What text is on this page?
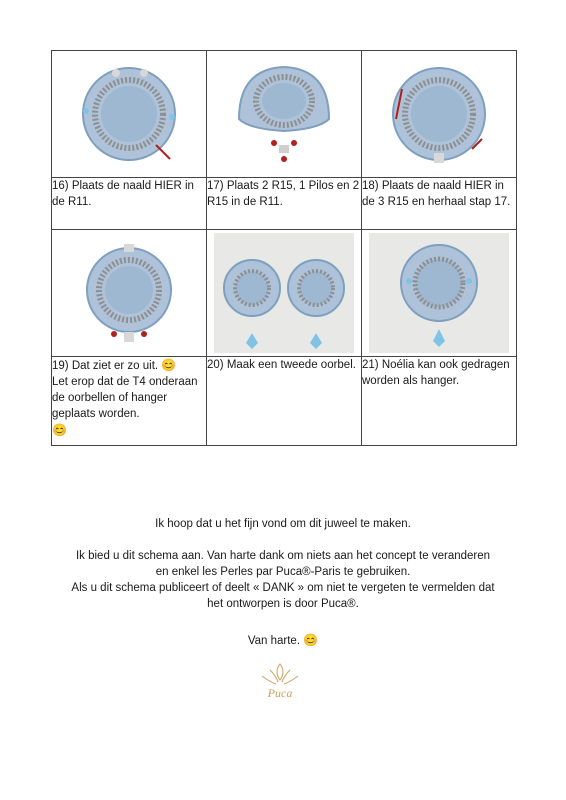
16) Plaats de naald HIER in de R11.	17) Plaats 2 R15, 1 Pilos en 2 R15 in de R11.	18) Plaats de naald HIER in de 3 R15 en herhaal stap 17.

19) Dat ziet er zo uit. 😊
Let erop dat de T4 onderaan de oorbellen of hanger geplaats worden.
😊	20) Maak een tweede oorbel.	21) Noélia kan ook gedragen worden als hanger.
Ik hoop dat u het fijn vond om dit juweel te maken.
Ik bied u dit schema aan. Van harte dank om niets aan het concept te veranderen
en enkel les Perles par Puca®-Paris te gebruiken.
Als u dit schema publiceert of deelt « DANK » om niet te vergeten te vermelden dat
het ontworpen is door Puca®.
Van harte. 😊
Puca
